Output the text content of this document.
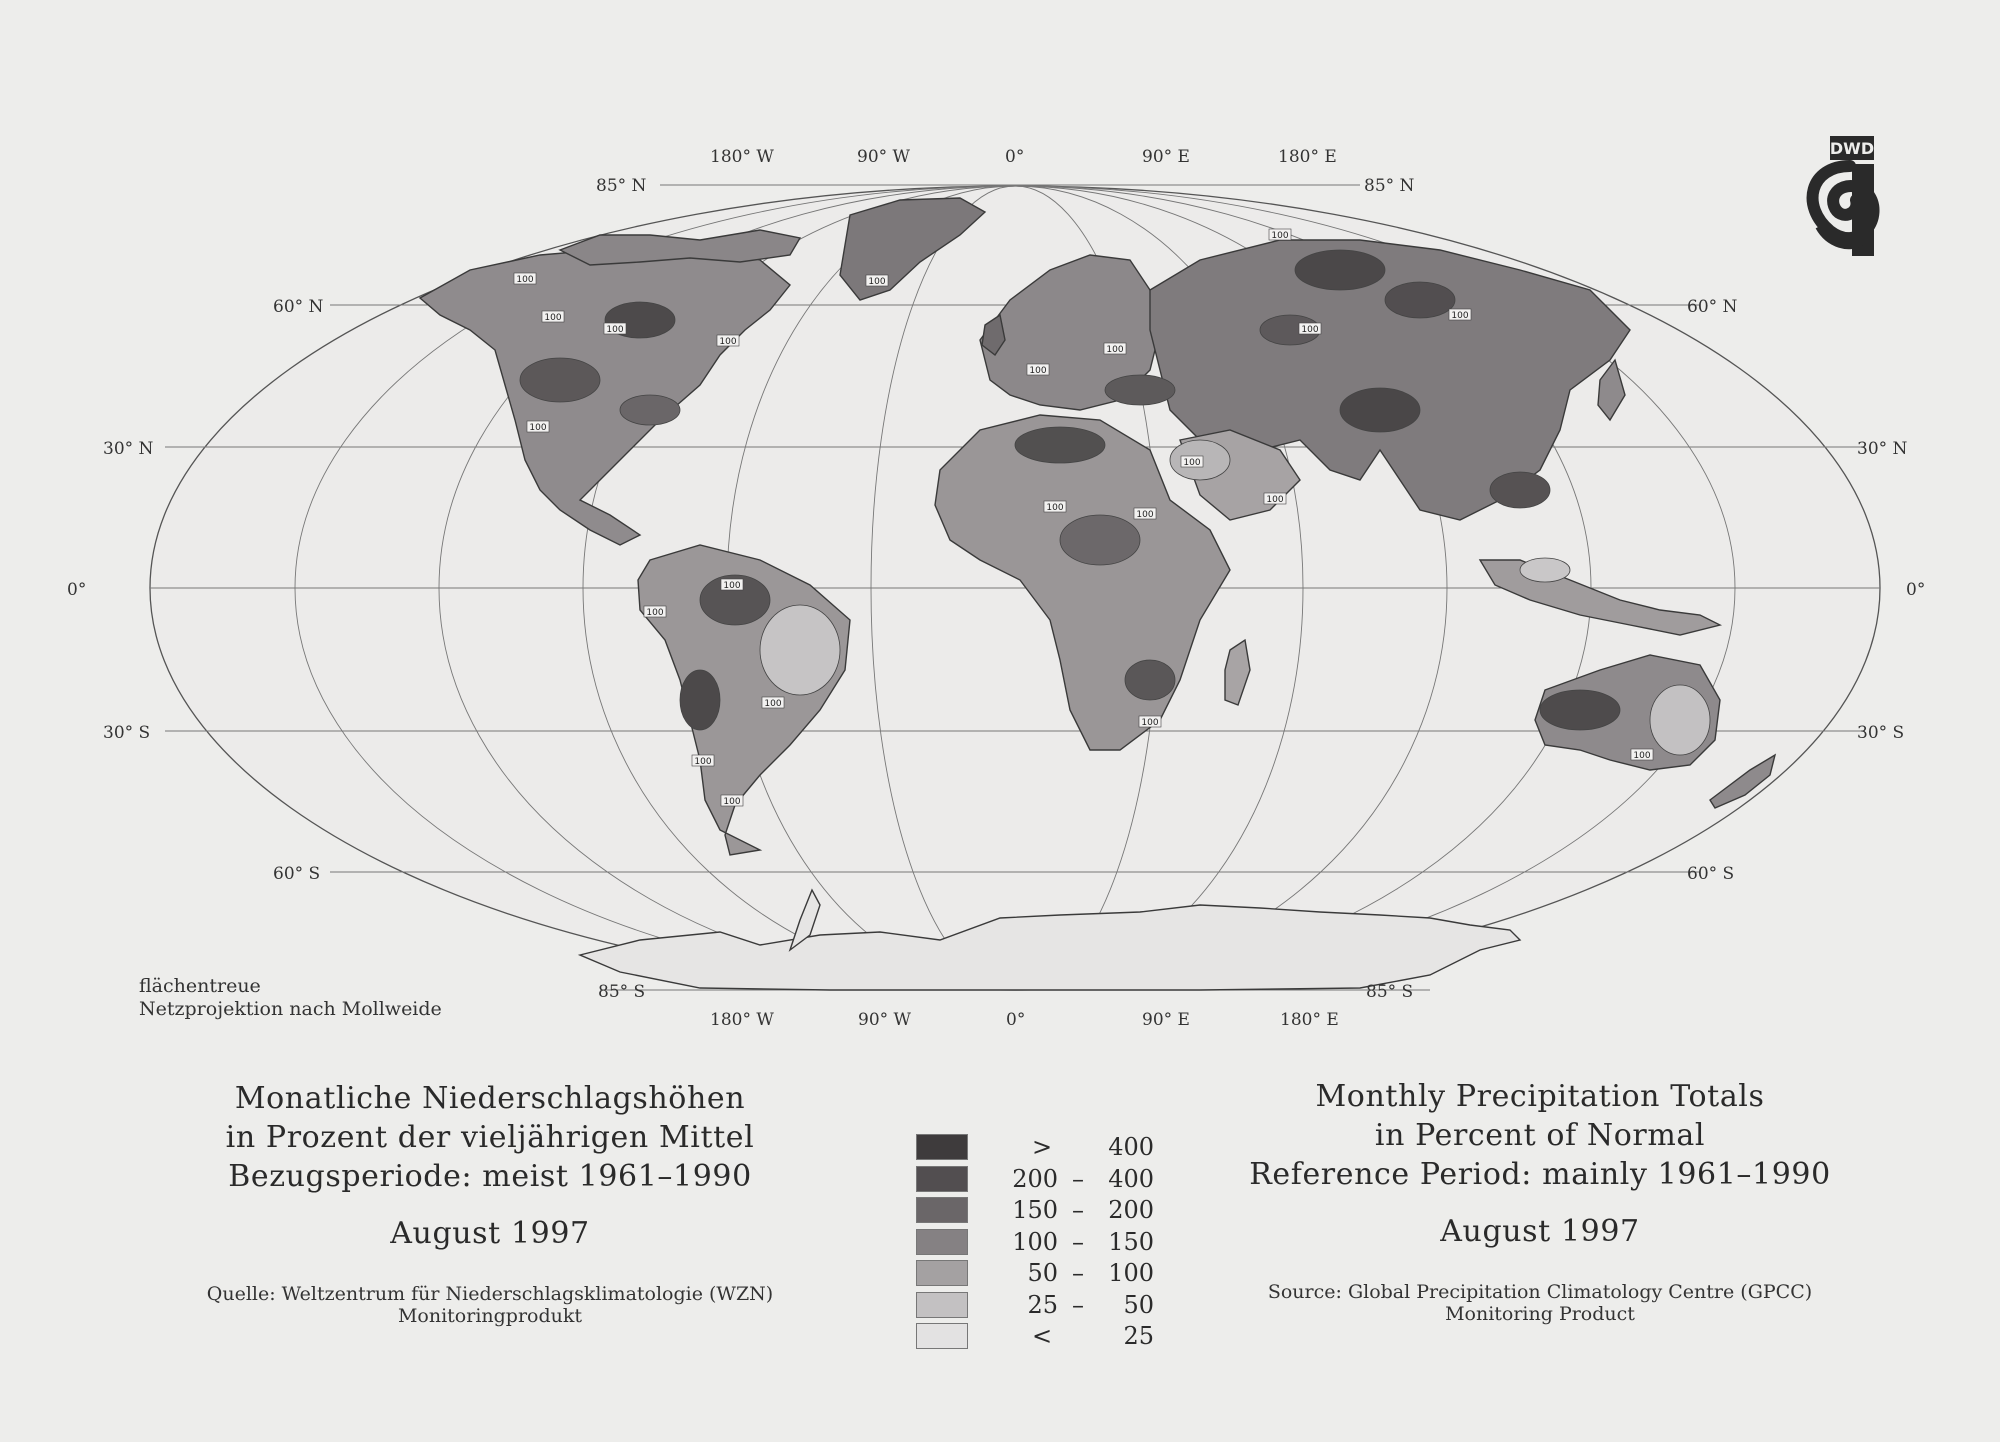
100
100
100
100
100
100
100
100
100
100
100
100
100
100
100
100
100
100
100
100
100
100
180° W	90° W	0°	90° E	180° E
180° W	90° W	0°	90° E	180° E
85° N
60° N
30° N
0°
30° S
60° S
85° S
85° N
60° N
30° N
0°
30° S
60° S
85° S
flächentreue
Netzprojektion nach Mollweide
DWD
Monatliche Niederschlagshöhen
in Prozent der vieljährigen Mittel
Bezugsperiode: meist 1961–1990
August 1997
Quelle: Weltzentrum für Niederschlagsklimatologie (WZN)
Monitoringprodukt
Monthly Precipitation Totals
in Percent of Normal
Reference Period: mainly 1961–1990
August 1997
Source: Global Precipitation Climatology Centre (GPCC)
Monitoring Product
>	400
200 –	400
150 –	200
100 –	150
50 –	100
25 –	50
<	25
